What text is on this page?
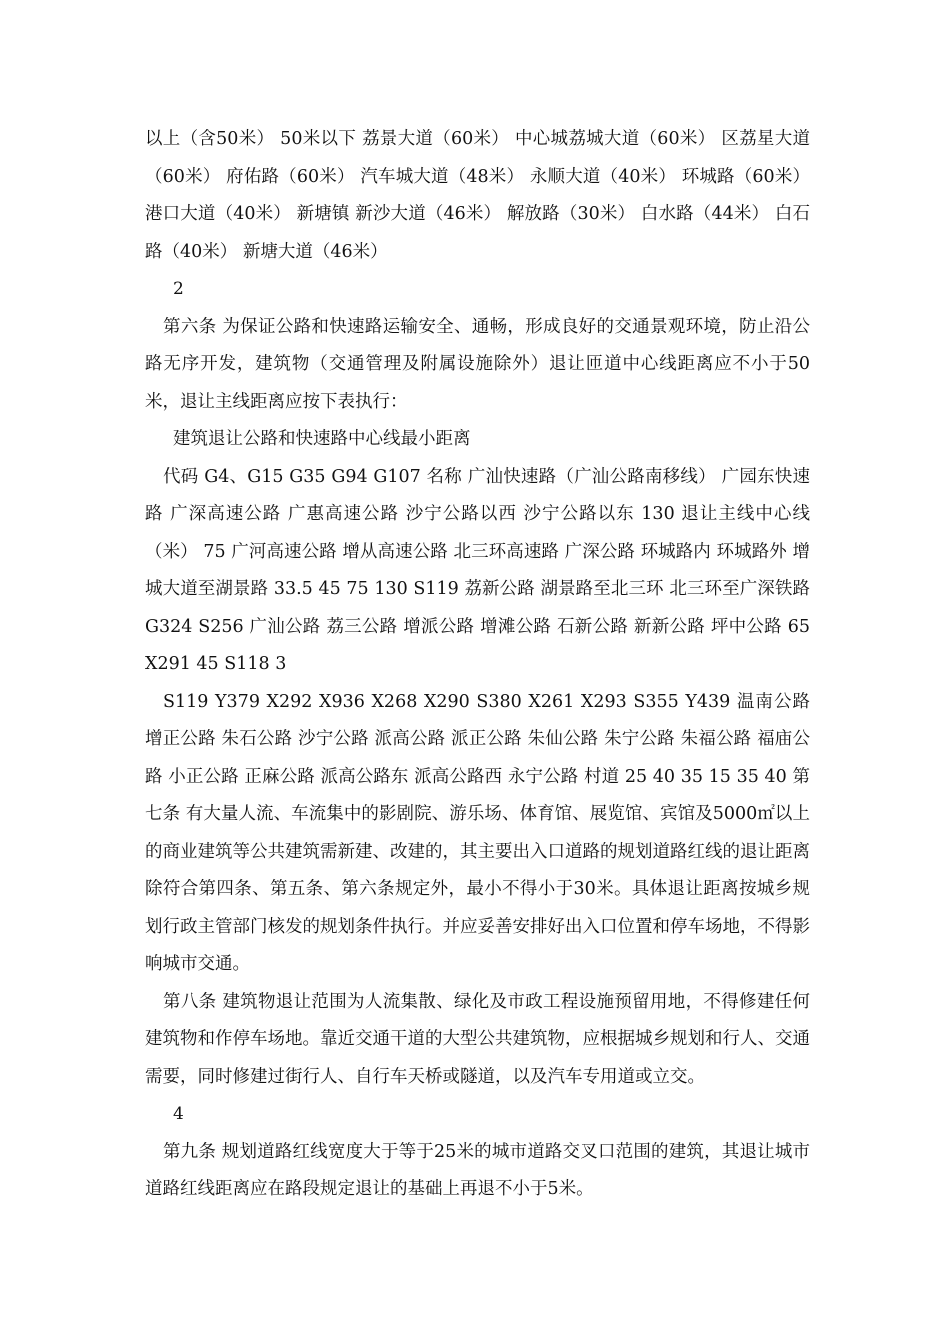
以上（含50米） 50米以下 荔景大道（60米） 中心城荔城大道（60米） 区荔星大道（60米） 府佑路（60米） 汽车城大道（48米） 永顺大道（40米） 环城路（60米） 港口大道（40米） 新塘镇 新沙大道（46米） 解放路（30米） 白水路（44米） 白石路（40米） 新塘大道（46米）

2

第六条 为保证公路和快速路运输安全、通畅，形成良好的交通景观环境，防止沿公路无序开发，建筑物（交通管理及附属设施除外）退让匝道中心线距离应不小于50米，退让主线距离应按下表执行：

建筑退让公路和快速路中心线最小距离

代码 G4、G15 G35 G94 G107 名称 广汕快速路（广汕公路南移线） 广园东快速路 广深高速公路 广惠高速公路 沙宁公路以西 沙宁公路以东 130 退让主线中心线（米） 75 广河高速公路 增从高速公路 北三环高速路 广深公路 环城路内 环城路外 增城大道至湖景路 33.5 45 75 130 S119 荔新公路 湖景路至北三环 北三环至广深铁路 G324 S256 广汕公路 荔三公路 增派公路 增滩公路 石新公路 新新公路 坪中公路 65 X291 45 S118 3

S119 Y379 X292 X936 X268 X290 S380 X261 X293 S355 Y439 温南公路 增正公路 朱石公路 沙宁公路 派高公路 派正公路 朱仙公路 朱宁公路 朱福公路 福庙公路 小正公路 正麻公路 派高公路东 派高公路西 永宁公路 村道 25 40 35 15 35 40 第七条 有大量人流、车流集中的影剧院、游乐场、体育馆、展览馆、宾馆及5000㎡以上的商业建筑等公共建筑需新建、改建的，其主要出入口道路的规划道路红线的退让距离除符合第四条、第五条、第六条规定外，最小不得小于30米。具体退让距离按城乡规划行政主管部门核发的规划条件执行。并应妥善安排好出入口位置和停车场地，不得影响城市交通。

第八条 建筑物退让范围为人流集散、绿化及市政工程设施预留用地，不得修建任何建筑物和作停车场地。靠近交通干道的大型公共建筑物，应根据城乡规划和行人、交通需要，同时修建过街行人、自行车天桥或隧道，以及汽车专用道或立交。

4

第九条 规划道路红线宽度大于等于25米的城市道路交叉口范围的建筑，其退让城市道路红线距离应在路段规定退让的基础上再退不小于5米。
